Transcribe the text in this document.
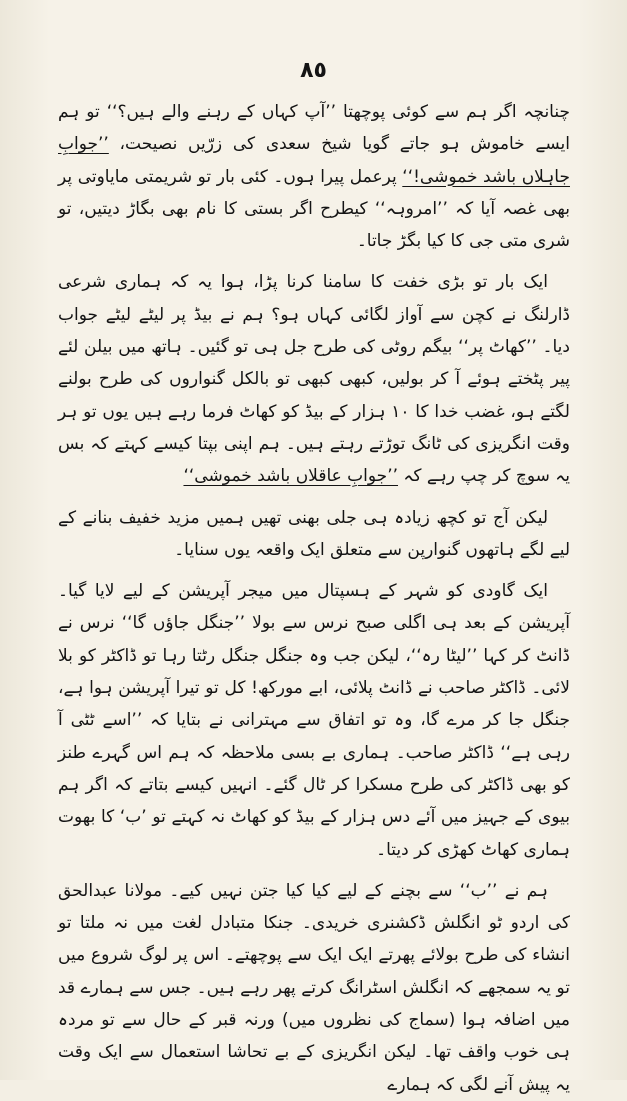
٨٥

چنانچہ اگر ہم سے کوئی پوچھتا ’’آپ کہاں کے رہنے والے ہیں؟‘‘ تو ہم ایسے خاموش ہو جاتے گویا شیخ سعدی کی زرّیں نصیحت، ’’جوابِ جاہلاں باشد خموشی!‘‘ پرعمل پیرا ہوں۔ کئی بار تو شریمتی مایاوتی پر بھی غصہ آیا کہ ’’امروہہ‘‘ کیطرح اگر بستی کا نام بھی بگاڑ دیتیں، تو شری متی جی کا کیا بگڑ جاتا۔

ایک بار تو بڑی خفت کا سامنا کرنا پڑا، ہوا یہ کہ ہماری شرعی ڈارلنگ نے کچن سے آواز لگائی کہاں ہو؟ ہم نے بیڈ پر لیٹے لیٹے جواب دیا۔ ’’کھاٹ پر‘‘ بیگم روٹی کی طرح جل ہی تو گئیں۔ ہاتھ میں بیلن لئے پیر پٹختے ہوئے آ کر بولیں، کبھی کبھی تو بالکل گنواروں کی طرح بولنے لگتے ہو، غضب خدا کا ۱۰ ہزار کے بیڈ کو کھاٹ فرما رہے ہیں یوں تو ہر وقت انگریزی کی ٹانگ توڑتے رہتے ہیں۔ ہم اپنی بپتا کیسے کہتے کہ بس یہ سوچ کر چپ رہے کہ ’’جوابِ عاقلاں باشد خموشی‘‘

لیکن آج تو کچھ زیادہ ہی جلی بھنی تھیں ہمیں مزید خفیف بنانے کے لیے لگے ہاتھوں گنوارپن سے متعلق ایک واقعہ یوں سنایا۔

ایک گاودی کو شہر کے ہسپتال میں میجر آپریشن کے لیے لایا گیا۔ آپریشن کے بعد ہی اگلی صبح نرس سے بولا ’’جنگل جاؤں گا‘‘ نرس نے ڈانٹ کر کہا ’’لیٹا رہ‘‘، لیکن جب وہ جنگل جنگل رٹتا رہا تو ڈاکٹر کو بلا لائی۔ ڈاکٹر صاحب نے ڈانٹ پلائی، ابے مورکھ! کل تو تیرا آپریشن ہوا ہے، جنگل جا کر مرے گا، وہ تو اتفاق سے مہترانی نے بتایا کہ ’’اسے ٹٹی آ رہی ہے‘‘ ڈاکٹر صاحب۔ ہماری بے بسی ملاحظہ کہ ہم اس گہرے طنز کو بھی ڈاکٹر کی طرح مسکرا کر ٹال گئے۔ انہیں کیسے بتاتے کہ اگر ہم بیوی کے جہیز میں آئے دس ہزار کے بیڈ کو کھاٹ نہ کہتے تو ’ب‘ کا بھوت ہماری کھاٹ کھڑی کر دیتا۔

ہم نے ’’ب‘‘ سے بچنے کے لیے کیا کیا جتن نہیں کیے۔ مولانا عبدالحق کی اردو ٹو انگلش ڈکشنری خریدی۔ جنکا متبادل لغت میں نہ ملتا تو انشاء کی طرح بولائے پھرتے ایک ایک سے پوچھتے۔ اس پر لوگ شروع میں تو یہ سمجھے کہ انگلش اسٹرانگ کرتے پھر رہے ہیں۔ جس سے ہمارے قد میں اضافہ ہوا (سماج کی نظروں میں) ورنہ قبر کے حال سے تو مردہ ہی خوب واقف تھا۔ لیکن انگریزی کے بے تحاشا استعمال سے ایک وقت یہ پیش آنے لگی کہ ہمارے
